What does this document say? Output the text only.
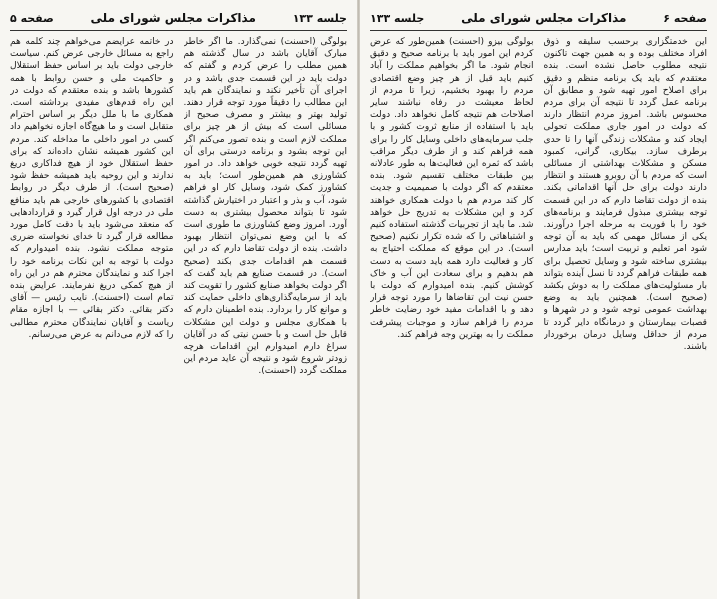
جلسه ۱۳۳
مذاکرات مجلس شورای ملی
صفحه ۵
بولوگی (احسنت) نمی‌گذارد. ما اگر خاطر مبارک آقایان باشد در سال گذشته هم همین مطلب را عرض کردم و گفتم که دولت باید در این قسمت جدی باشد و در اجرای آن تأخیر نکند و نمایندگان هم باید این مطالب را دقیقاً مورد توجه قرار دهند. تولید بهتر و بیشتر و مصرف صحیح از مسائلی است که بیش از هر چیز برای مملکت لازم است و بنده تصور می‌کنم اگر این توجه بشود و برنامه درستی برای آن تهیه گردد نتیجه خوبی خواهد داد. در امور کشاورزی هم همین‌طور است؛ باید به کشاورز کمک شود، وسایل کار او فراهم شود، آب و بذر و اعتبار در اختیارش گذاشته شود تا بتواند محصول بیشتری به دست آورد. امروز وضع کشاورزی ما طوری است که با این وضع نمی‌توان انتظار بهبود داشت. بنده از دولت تقاضا دارم که در این قسمت هم اقدامات جدی بکند (صحیح است). در قسمت صنایع هم باید گفت که اگر دولت بخواهد صنایع کشور را تقویت کند باید از سرمایه‌گذاری‌های داخلی حمایت کند و موانع کار را بردارد. بنده اطمینان دارم که با همکاری مجلس و دولت این مشکلات قابل حل است و با حسن نیتی که در آقایان سراغ دارم امیدوارم این اقدامات هرچه زودتر شروع شود و نتیجه آن عاید مردم این مملکت گردد (احسنت).
در خاتمه عرایضم می‌خواهم چند کلمه هم راجع به مسائل خارجی عرض کنم. سیاست خارجی دولت باید بر اساس حفظ استقلال و حاکمیت ملی و حسن روابط با همه کشورها باشد و بنده معتقدم که دولت در این راه قدم‌های مفیدی برداشته است. همکاری ما با ملل دیگر بر اساس احترام متقابل است و ما هیچ‌گاه اجازه نخواهیم داد کسی در امور داخلی ما مداخله کند. مردم این کشور همیشه نشان داده‌اند که برای حفظ استقلال خود از هیچ فداکاری دریغ ندارند و این روحیه باید همیشه حفظ شود (صحیح است). از طرف دیگر در روابط اقتصادی با کشورهای خارجی هم باید منافع ملی در درجه اول قرار گیرد و قراردادهایی که منعقد می‌شود باید با دقت کامل مورد مطالعه قرار گیرد تا خدای نخواسته ضرری متوجه مملکت نشود. بنده امیدوارم که دولت با توجه به این نکات برنامه خود را اجرا کند و نمایندگان محترم هم در این راه از هیچ کمکی دریغ نفرمایند. عرایض بنده تمام است (احسنت). نایب رئیس — آقای دکتر بقائی. دکتر بقائی — با اجازه مقام ریاست و آقایان نمایندگان محترم مطالبی را که لازم می‌دانم به عرض می‌رسانم.
صفحه ۶
مذاکرات مجلس شورای ملی
جلسه ۱۳۳
این خدمتگزاری برحسب سلیقه و ذوق افراد مختلف بوده و به همین جهت تاکنون نتیجه مطلوب حاصل نشده است. بنده معتقدم که باید یک برنامه منظم و دقیق برای اصلاح امور تهیه شود و مطابق آن برنامه عمل گردد تا نتیجه آن برای مردم محسوس باشد. امروز مردم انتظار دارند که دولت در امور جاری مملکت تحولی ایجاد کند و مشکلات زندگی آنها را تا حدی برطرف سازد. بیکاری، گرانی، کمبود مسکن و مشکلات بهداشتی از مسائلی است که مردم با آن روبرو هستند و انتظار دارند دولت برای حل آنها اقداماتی بکند. بنده از دولت تقاضا دارم که در این قسمت توجه بیشتری مبذول فرمایند و برنامه‌های خود را با فوریت به مرحله اجرا درآورند. یکی از مسائل مهمی که باید به آن توجه شود امر تعلیم و تربیت است؛ باید مدارس بیشتری ساخته شود و وسایل تحصیل برای همه طبقات فراهم گردد تا نسل آینده بتواند بار مسئولیت‌های مملکت را به دوش بکشد (صحیح است). همچنین باید به وضع بهداشت عمومی توجه شود و در شهرها و قصبات بیمارستان و درمانگاه دایر گردد تا مردم از حداقل وسایل درمان برخوردار باشند.
بولوگی بیزو (احسنت) همین‌طور که عرض کردم این امور باید با برنامه صحیح و دقیق انجام شود. ما اگر بخواهیم مملکت را آباد کنیم باید قبل از هر چیز وضع اقتصادی مردم را بهبود بخشیم، زیرا تا مردم از لحاظ معیشت در رفاه نباشند سایر اصلاحات هم نتیجه کامل نخواهد داد. دولت باید با استفاده از منابع ثروت کشور و با جلب سرمایه‌های داخلی وسایل کار را برای همه فراهم کند و از طرف دیگر مراقب باشد که ثمره این فعالیت‌ها به طور عادلانه بین طبقات مختلف تقسیم شود. بنده معتقدم که اگر دولت با صمیمیت و جدیت کار کند مردم هم با دولت همکاری خواهند کرد و این مشکلات به تدریج حل خواهد شد. ما باید از تجربیات گذشته استفاده کنیم و اشتباهاتی را که شده تکرار نکنیم (صحیح است). در این موقع که مملکت احتیاج به کار و فعالیت دارد همه باید دست به دست هم بدهیم و برای سعادت این آب و خاک کوشش کنیم. بنده امیدوارم که دولت با حسن نیت این تقاضاها را مورد توجه قرار دهد و با اقدامات مفید خود رضایت خاطر مردم را فراهم سازد و موجبات پیشرفت مملکت را به بهترین وجه فراهم کند.
